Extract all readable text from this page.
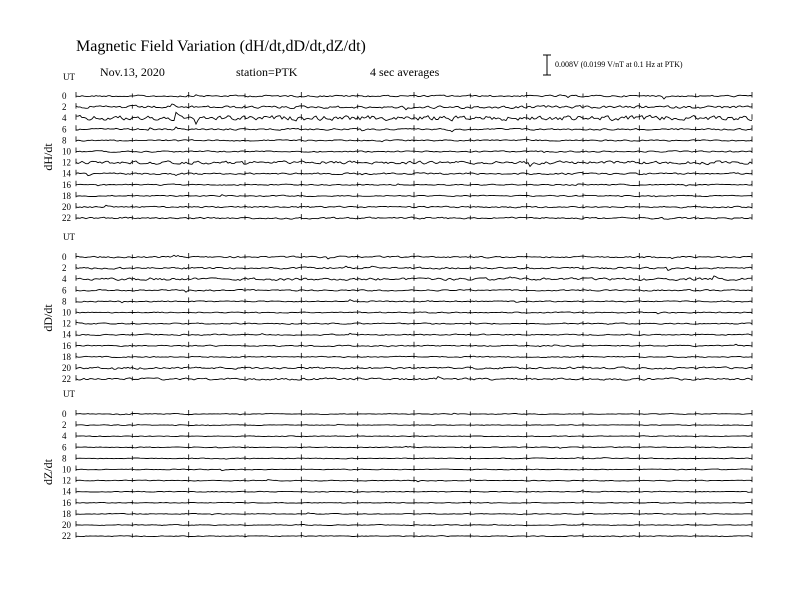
Magnetic Field Variation (dH/dt,dD/dt,dZ/dt)
Nov.13, 2020	station=PTK	4 sec averages
0.008V (0.0199 V/nT at 0.1 Hz at PTK)
UT
dH/dt
0
2
4
6
8
10
12
14
16
18
20
22
UT
dD/dt
0
2
4
6
8
10
12
14
16
18
20
22
UT
dZ/dt
0
2
4
6
8
10
12
14
16
18
20
22
